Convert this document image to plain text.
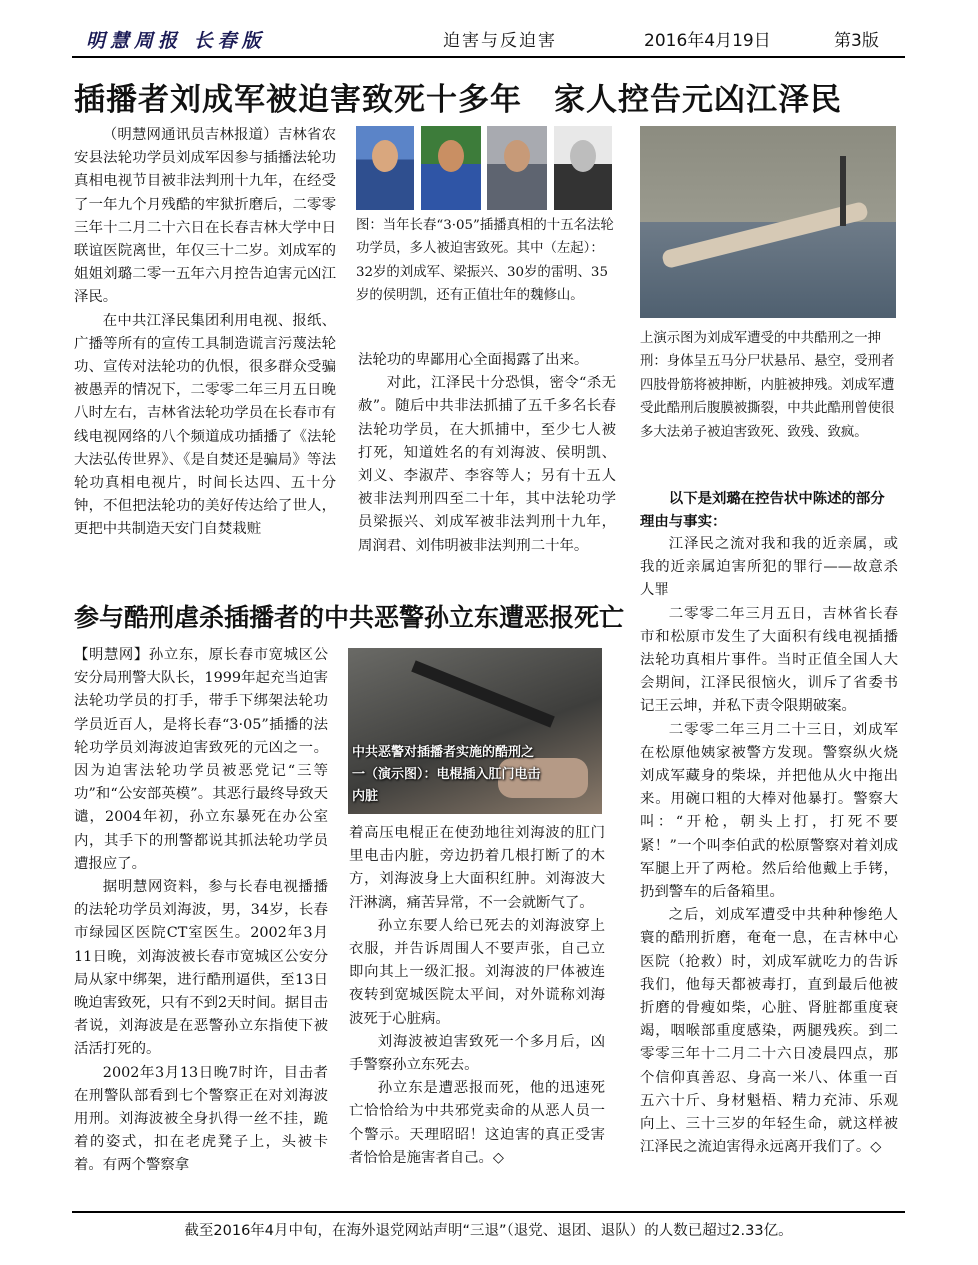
明慧周报 长春版	迫害与反迫害	2016年4月19日	第3版
插播者刘成军被迫害致死十多年　家人控告元凶江泽民

（明慧网通讯员吉林报道）吉林省农安县法轮功学员刘成军因参与插播法轮功真相电视节目被非法判刑十九年，在经受了一年九个月残酷的牢狱折磨后，二零零三年十二月二十六日在长春吉林大学中日联谊医院离世，年仅三十二岁。刘成军的姐姐刘璐二零一五年六月控告迫害元凶江泽民。

在中共江泽民集团利用电视、报纸、广播等所有的宣传工具制造谎言污蔑法轮功、宣传对法轮功的仇恨，很多群众受骗被愚弄的情况下，二零零二年三月五日晚八时左右，吉林省法轮功学员在长春市有线电视网络的八个频道成功插播了《法轮大法弘传世界》、《是自焚还是骗局》等法轮功真相电视片，时间长达四、五十分钟，不但把法轮功的美好传达给了世人，更把中共制造天安门自焚栽赃

图：当年长春“3·05”插播真相的十五名法轮功学员，多人被迫害致死。其中（左起）：32岁的刘成军、梁振兴、30岁的雷明、35岁的侯明凯，还有正值壮年的魏修山。

法轮功的卑鄙用心全面揭露了出来。

对此，江泽民十分恐惧，密令“杀无赦”。随后中共非法抓捕了五千多名长春法轮功学员，在大抓捕中，至少七人被打死，知道姓名的有刘海波、侯明凯、刘义、李淑芹、李容等人；另有十五人被非法判刑四至二十年，其中法轮功学员梁振兴、刘成军被非法判刑十九年，周润君、刘伟明被非法判刑二十年。

上演示图为刘成军遭受的中共酷刑之一抻刑：身体呈五马分尸状悬吊、悬空，受刑者四肢骨筋将被抻断，内脏被抻残。刘成军遭受此酷刑后腹膜被撕裂，中共此酷刑曾使很多大法弟子被迫害致死、致残、致疯。
以下是刘璐在控告状中陈述的部分理由与事实：

江泽民之流对我和我的近亲属，或我的近亲属迫害所犯的罪行——故意杀人罪

二零零二年三月五日，吉林省长春市和松原市发生了大面积有线电视插播法轮功真相片事件。当时正值全国人大会期间，江泽民很恼火，训斥了省委书记王云坤，并私下责令限期破案。

二零零二年三月二十三日，刘成军在松原他姨家被警方发现。警察纵火烧刘成军藏身的柴垛，并把他从火中拖出来。用碗口粗的大棒对他暴打。警察大叫：“开枪，朝头上打，打死不要紧！”一个叫李伯武的松原警察对着刘成军腿上开了两枪。然后给他戴上手铐，扔到警车的后备箱里。

之后，刘成军遭受中共种种惨绝人寰的酷刑折磨，奄奄一息，在吉林中心医院（抢救）时，刘成军就吃力的告诉我们，他每天都被毒打，直到最后他被折磨的骨瘦如柴，心脏、肾脏都重度衰竭，咽喉部重度感染，两腿残疾。到二零零三年十二月二十六日凌晨四点，那个信仰真善忍、身高一米八、体重一百五六十斤、身材魁梧、精力充沛、乐观向上、三十三岁的年轻生命，就这样被江泽民之流迫害得永远离开我们了。◇

参与酷刑虐杀插播者的中共恶警孙立东遭恶报死亡

【明慧网】孙立东，原长春市宽城区公安分局刑警大队长，1999年起充当迫害法轮功学员的打手，带手下绑架法轮功学员近百人，是将长春“3·05”插播的法轮功学员刘海波迫害致死的元凶之一。因为迫害法轮功学员被恶党记“三等功”和“公安部英模”。其恶行最终导致天谴，2004年初，孙立东暴死在办公室内，其手下的刑警都说其抓法轮功学员遭报应了。

据明慧网资料，参与长春电视播播的法轮功学员刘海波，男，34岁，长春市绿园区医院CT室医生。2002年3月11日晚，刘海波被长春市宽城区公安分局从家中绑架，进行酷刑逼供，至13日晚迫害致死，只有不到2天时间。据目击者说，刘海波是在恶警孙立东指使下被活活打死的。

2002年3月13日晚7时许，目击者在刑警队部看到七个警察正在对刘海波用刑。刘海波被全身扒得一丝不挂，跪着的姿式，扣在老虎凳子上，头被卡着。有两个警察拿

中共恶警对插播者实施的酷刑之一（演示图）：电棍插入肛门电击内脏

着高压电棍正在使劲地往刘海波的肛门里电击内脏，旁边扔着几根打断了的木方，刘海波身上大面积红肿。刘海波大汗淋漓，痛苦异常，不一会就断气了。

孙立东要人给已死去的刘海波穿上衣服，并告诉周围人不要声张，自己立即向其上一级汇报。刘海波的尸体被连夜转到宽城医院太平间，对外谎称刘海波死于心脏病。

刘海波被迫害致死一个多月后，凶手警察孙立东死去。

孙立东是遭恶报而死，他的迅速死亡恰恰给为中共邪党卖命的从恶人员一个警示。天理昭昭！这迫害的真正受害者恰恰是施害者自己。◇

截至2016年4月中旬，在海外退党网站声明“三退”（退党、退团、退队）的人数已超过2.33亿。
